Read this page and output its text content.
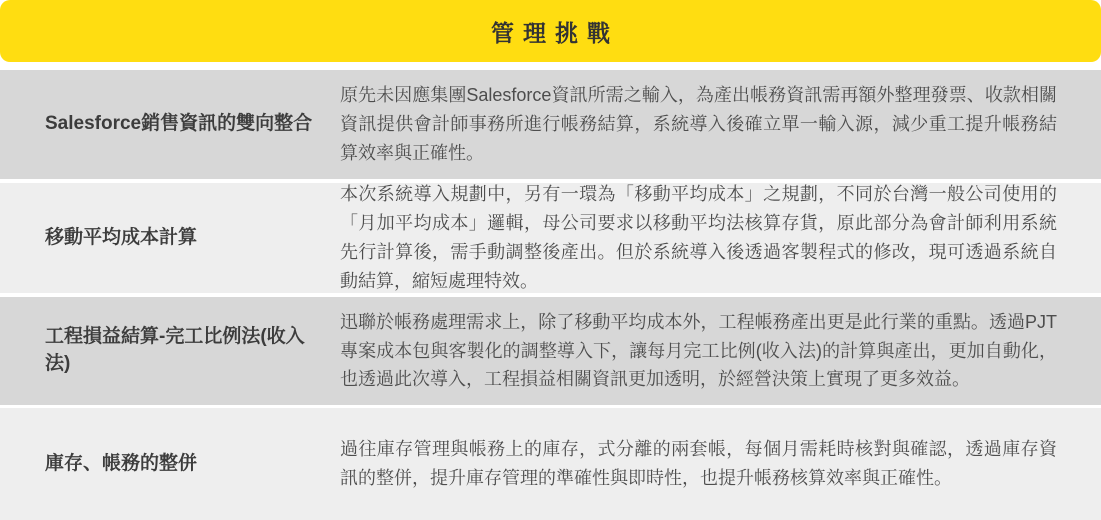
管理挑戰
Salesforce銷售資訊的雙向整合
原先未因應集團Salesforce資訊所需之輸入，為產出帳務資訊需再額外整理發票、收款相關資訊提供會計師事務所進行帳務結算，系統導入後確立單一輸入源，減少重工提升帳務結算效率與正確性。
移動平均成本計算
本次系統導入規劃中，另有一環為「移動平均成本」之規劃，不同於台灣一般公司使用的「月加平均成本」邏輯，母公司要求以移動平均法核算存貨，原此部分為會計師利用系統先行計算後，需手動調整後產出。但於系統導入後透過客製程式的修改，現可透過系統自動結算，縮短處理特效。
工程損益結算-完工比例法(收入法)
迅聯於帳務處理需求上，除了移動平均成本外，工程帳務產出更是此行業的重點。透過PJT專案成本包與客製化的調整導入下，讓每月完工比例(收入法)的計算與產出，更加自動化，也透過此次導入，工程損益相關資訊更加透明，於經營決策上實現了更多效益。
庫存、帳務的整併
過往庫存管理與帳務上的庫存，式分離的兩套帳，每個月需耗時核對與確認，透過庫存資訊的整併，提升庫存管理的準確性與即時性，也提升帳務核算效率與正確性。
